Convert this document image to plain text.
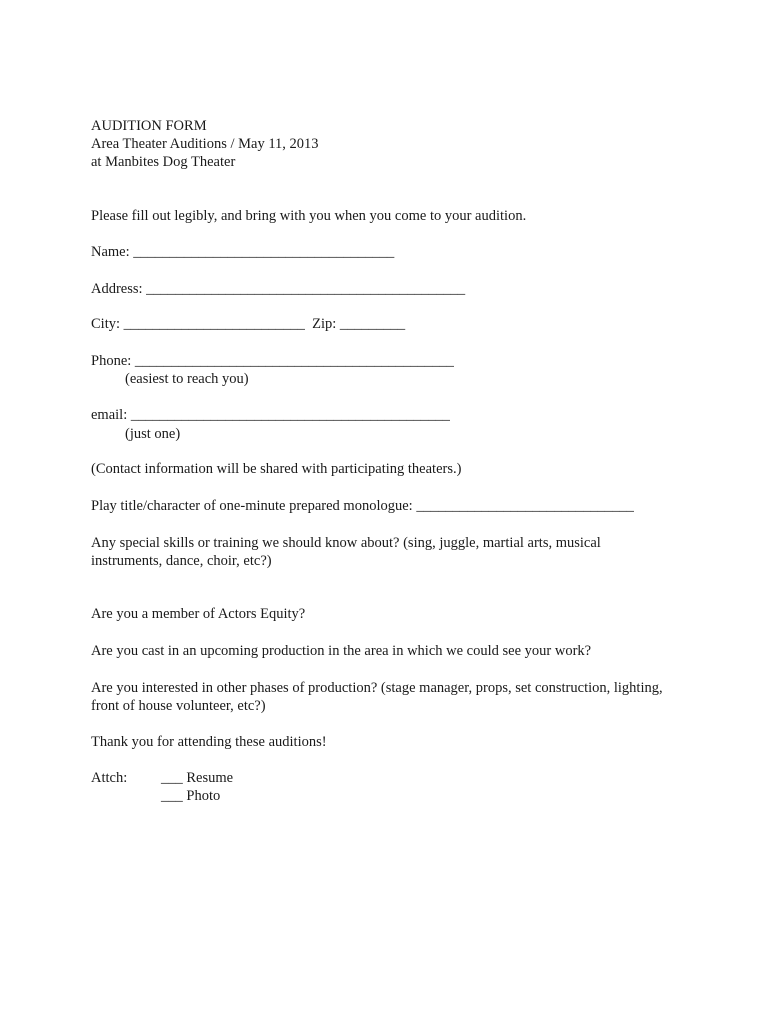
AUDITION FORM
Area Theater Auditions / May 11, 2013
at Manbites Dog Theater
Please fill out legibly, and bring with you when you come to your audition.
Name: ____________________________________
Address: ____________________________________________
City: _________________________  Zip: _________
Phone: ____________________________________________
(easiest to reach you)
email: ____________________________________________
(just one)
(Contact information will be shared with participating theaters.)
Play title/character of one-minute prepared monologue: ______________________________
Any special skills or training we should know about? (sing, juggle, martial arts, musical
instruments, dance, choir, etc?)
Are you a member of Actors Equity?
Are you cast in an upcoming production in the area in which we could see your work?
Are you interested in other phases of production? (stage manager, props, set construction, lighting,
front of house volunteer, etc?)
Thank you for attending these auditions!
Attch: ___ Resume
___ Photo
